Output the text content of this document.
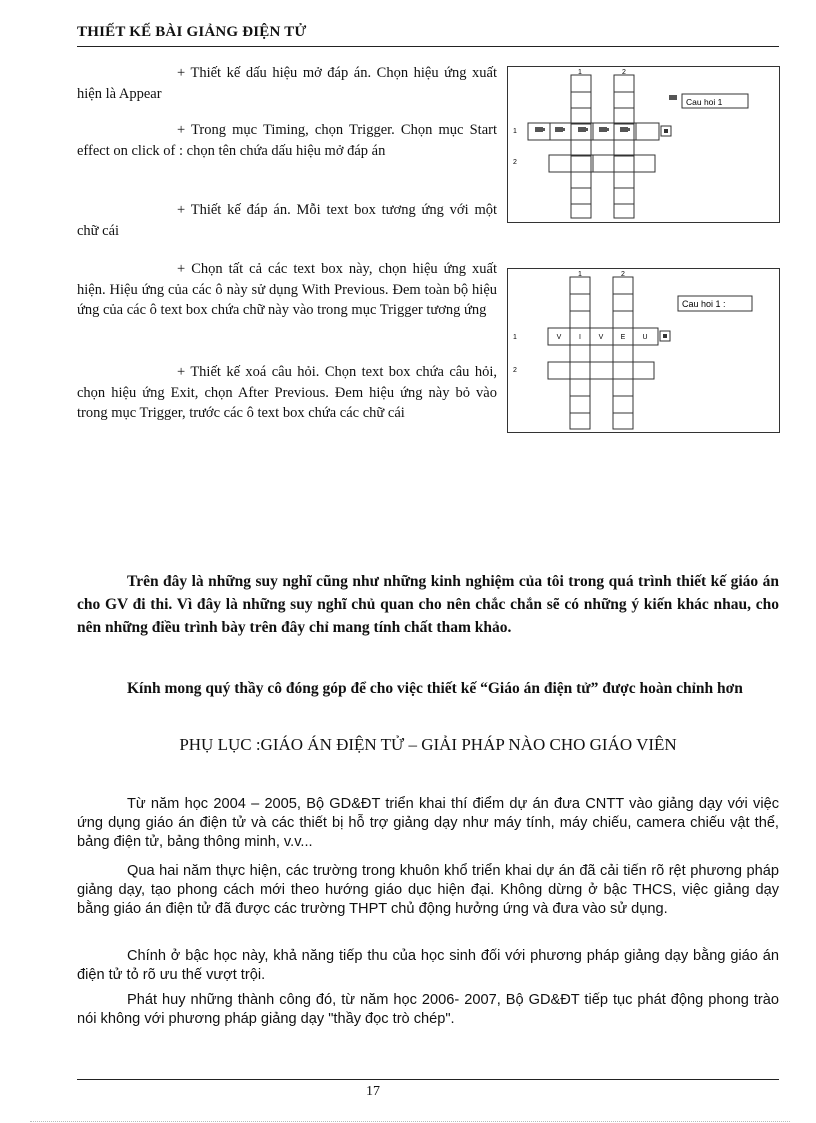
THIẾT KẾ BÀI GIẢNG ĐIỆN TỬ

+ Thiết kế dấu hiệu mở đáp án. Chọn hiệu ứng xuất hiện là Appear

+ Trong mục Timing, chọn Trigger. Chọn mục Start effect on click of : chọn tên chứa dấu hiệu mở đáp án

+ Thiết kế đáp án. Mỗi text box tương ứng với một chữ cái

+ Chọn tất cả các text box này, chọn hiệu ứng xuất hiện. Hiệu ứng của các ô này sử dụng With Previous. Đem toàn bộ hiệu ứng của các ô text box chứa chữ này vào trong mục Trigger tương ứng

+ Thiết kế xoá câu hỏi. Chọn text box chứa câu hỏi, chọn hiệu ứng Exit, chọn After Previous. Đem hiệu ứng này bỏ vào trong mục Trigger, trước các ô text box chứa các chữ cái

1	2
1
2
Cau hoi 1
1	2
1
2
V	I	V E U
Cau hoi 1 :

Trên đây là những suy nghĩ cũng như những kinh nghiệm của tôi trong quá trình thiết kế giáo án cho GV đi thi. Vì đây là những suy nghĩ chủ quan cho nên chắc chắn sẽ có những ý kiến khác nhau, cho nên những điều trình bày trên đây chỉ mang tính chất tham khảo.

Kính mong quý thầy cô đóng góp để cho việc thiết kế “Giáo án điện tử” được hoàn chỉnh hơn

PHỤ LỤC :GIÁO ÁN ĐIỆN TỬ – GIẢI PHÁP NÀO CHO GIÁO VIÊN

Từ năm học 2004 – 2005, Bộ GD&ĐT triển khai thí điểm dự án đưa CNTT vào giảng dạy với việc ứng dụng giáo án điện tử và các thiết bị hỗ trợ giảng dạy như máy tính, máy chiếu, camera chiếu vật thể, bảng điện tử, bảng thông minh, v.v...

Qua hai năm thực hiện, các trường trong khuôn khổ triển khai dự án đã cải tiến rõ rệt phương pháp giảng dạy, tạo phong cách mới theo hướng giáo dục hiện đại. Không dừng ở bậc THCS, việc giảng dạy bằng giáo án điện tử đã được các trường THPT chủ động hưởng ứng và đưa vào sử dụng.

Chính ở bậc học này, khả năng tiếp thu của học sinh đối với phương pháp giảng dạy bằng giáo án điện tử tỏ rõ ưu thế vượt trội.

Phát huy những thành công đó, từ năm học 2006- 2007, Bộ GD&ĐT tiếp tục phát động phong trào nói không với phương pháp giảng dạy "thầy đọc trò chép".

17
